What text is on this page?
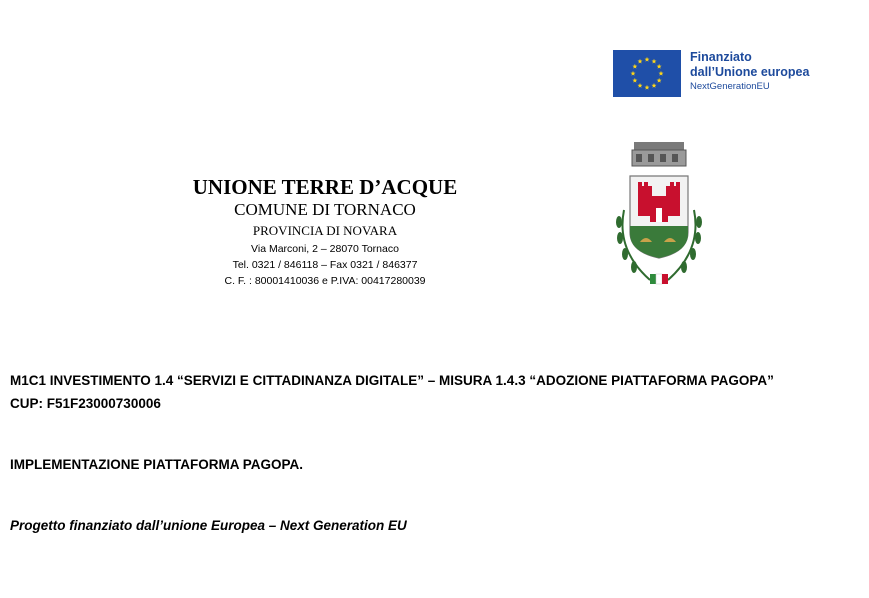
Finanziato
dall’Unione europea
NextGenerationEU
UNIONE TERRE D’ACQUE
COMUNE DI TORNACO
PROVINCIA DI NOVARA
Via Marconi, 2 – 28070 Tornaco
Tel. 0321 / 846118 – Fax 0321 / 846377
C. F. : 80001410036 e P.IVA: 00417280039
M1C1 INVESTIMENTO 1.4 “SERVIZI E CITTADINANZA DIGITALE” – MISURA 1.4.3 “ADOZIONE PIATTAFORMA PAGOPA”
CUP: F51F23000730006
IMPLEMENTAZIONE PIATTAFORMA PAGOPA.
Progetto finanziato dall’unione Europea – Next Generation EU
